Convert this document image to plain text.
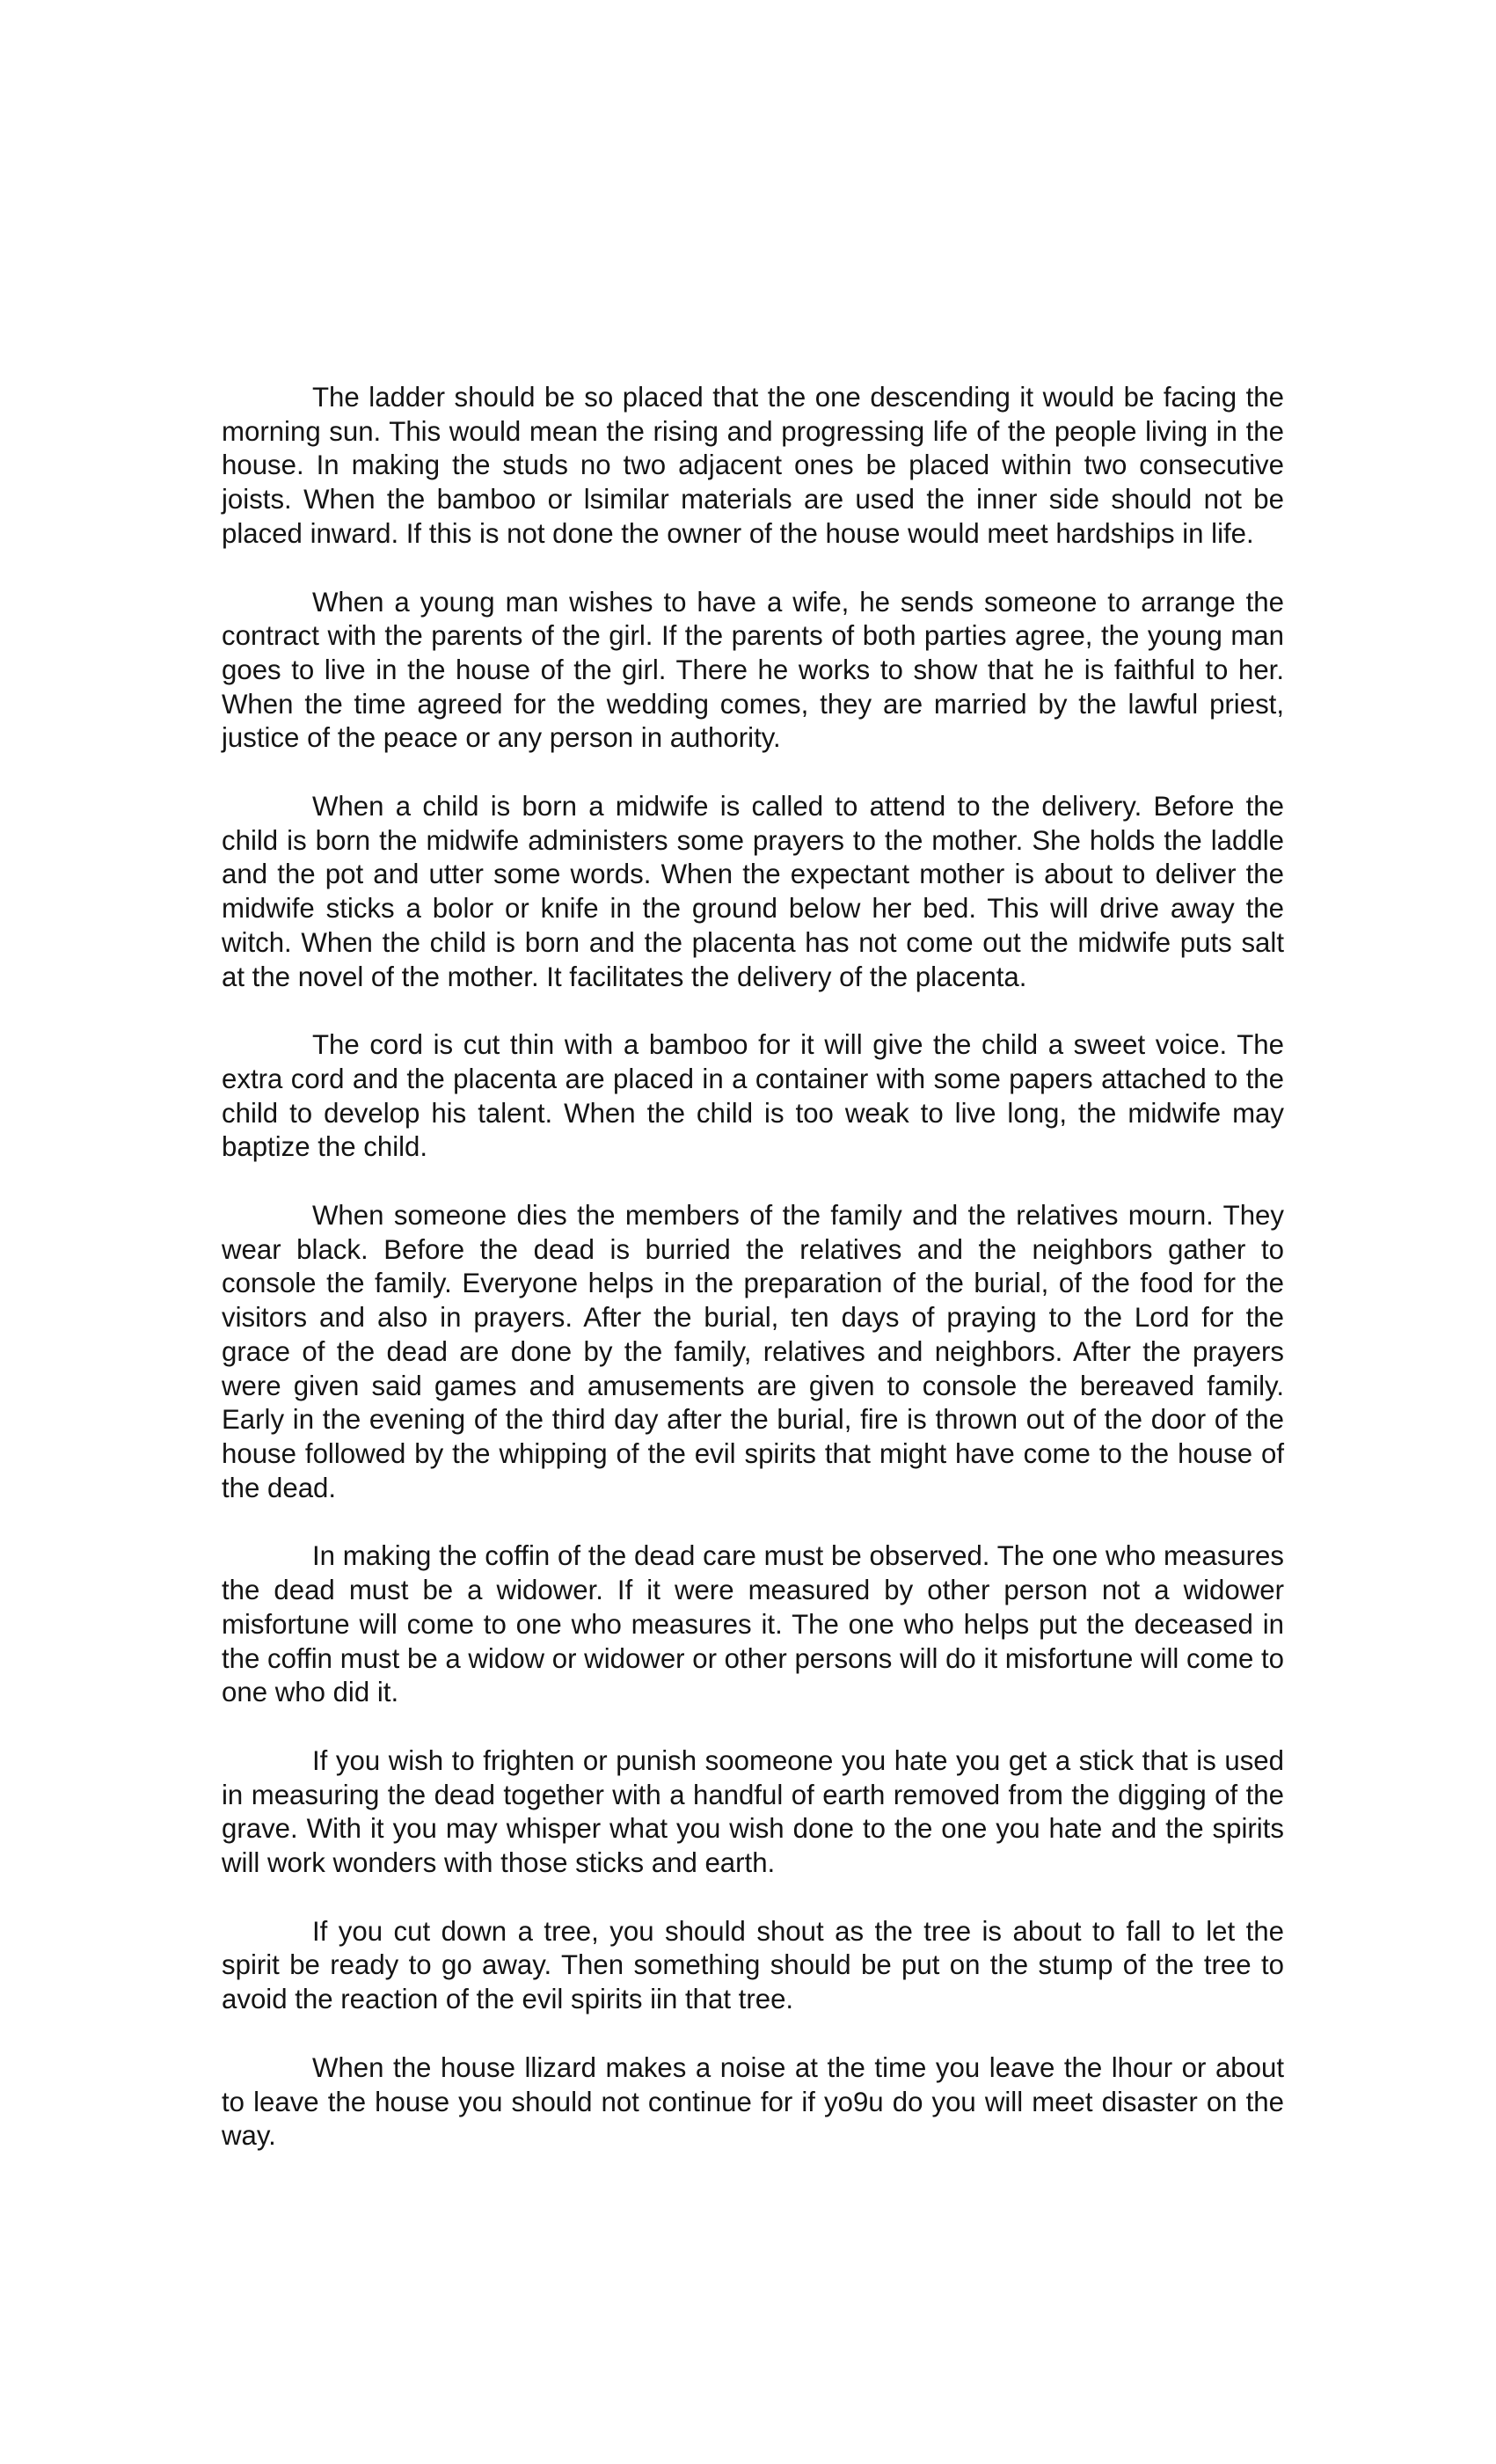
The ladder should be so placed that the one descending it would be facing the morning sun. This would mean the rising and progressing life of the people living in the house. In making the studs no two adjacent ones be placed within two consecutive joists. When the bamboo or lsimilar materials are used the inner side should not be placed inward. If this is not done the owner of the house would meet hardships in life.

When a young man wishes to have a wife, he sends someone to arrange the contract with the parents of the girl. If the parents of both parties agree, the young man goes to live in the house of the girl. There he works to show that he is faithful to her. When the time agreed for the wedding comes, they are married by the lawful priest, justice of the peace or any person in authority.

When a child is born a midwife is called to attend to the delivery. Before the child is born the midwife administers some prayers to the mother. She holds the laddle and the pot and utter some words. When the expectant mother is about to deliver the midwife sticks a bolor or knife in the ground below her bed. This will drive away the witch. When the child is born and the placenta has not come out the midwife puts salt at the novel of the mother. It facilitates the delivery of the placenta.

The cord is cut thin with a bamboo for it will give the child a sweet voice. The extra cord and the placenta are placed in a container with some papers attached to the child to develop his talent. When the child is too weak to live long, the midwife may baptize the child.

When someone dies the members of the family and the relatives mourn. They wear black. Before the dead is burried the relatives and the neighbors gather to console the family. Everyone helps in the preparation of the burial, of the food for the visitors and also in prayers. After the burial, ten days of praying to the Lord for the grace of the dead are done by the family, relatives and neighbors. After the prayers were given said games and amusements are given to console the bereaved family. Early in the evening of the third day after the burial, fire is thrown out of the door of the house followed by the whipping of the evil spirits that might have come to the house of the dead.

In making the coffin of the dead care must be observed. The one who measures the dead must be a widower. If it were measured by other person not a widower misfortune will come to one who measures it. The one who helps put the deceased in the coffin must be a widow or widower or other persons will do it misfortune will come to one who did it.

If you wish to frighten or punish soomeone you hate you get a stick that is used in measuring the dead together with a handful of earth removed from the digging of the grave. With it you may whisper what you wish done to the one you hate and the spirits will work wonders with those sticks and earth.

If you cut down a tree, you should shout as the tree is about to fall to let the spirit be ready to go away. Then something should be put on the stump of the tree to avoid the reaction of the evil spirits iin that tree.

When the house llizard makes a noise at the time you leave the lhour or about to leave the house you should not continue for if yo9u do you will meet disaster on the way.
